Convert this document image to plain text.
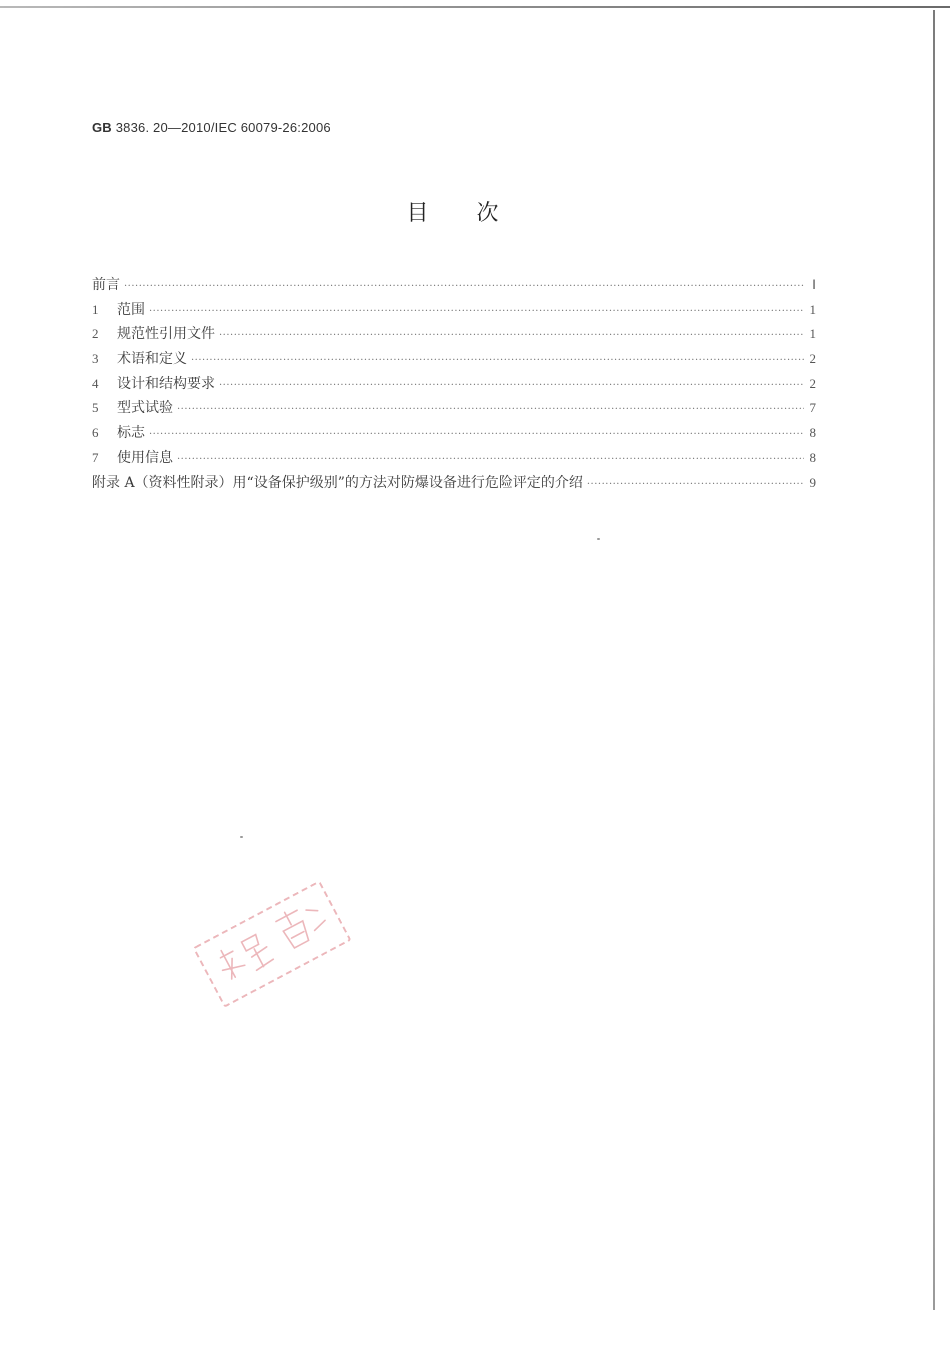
GB 3836. 20—2010/IEC 60079-26:2006
目 次
前言 ·····	Ⅰ
1	范围 ·····	1
2	规范性引用文件 ·····	1
3	术语和定义 ·····	2
4	设计和结构要求 ·····	2
5	型式试验 ·····	7
6	标志 ·····	8
7	使用信息 ·····	8
附录 A（资料性附录）用“设备保护级别”的方法对防爆设备进行危险评定的介绍 ·····	9
